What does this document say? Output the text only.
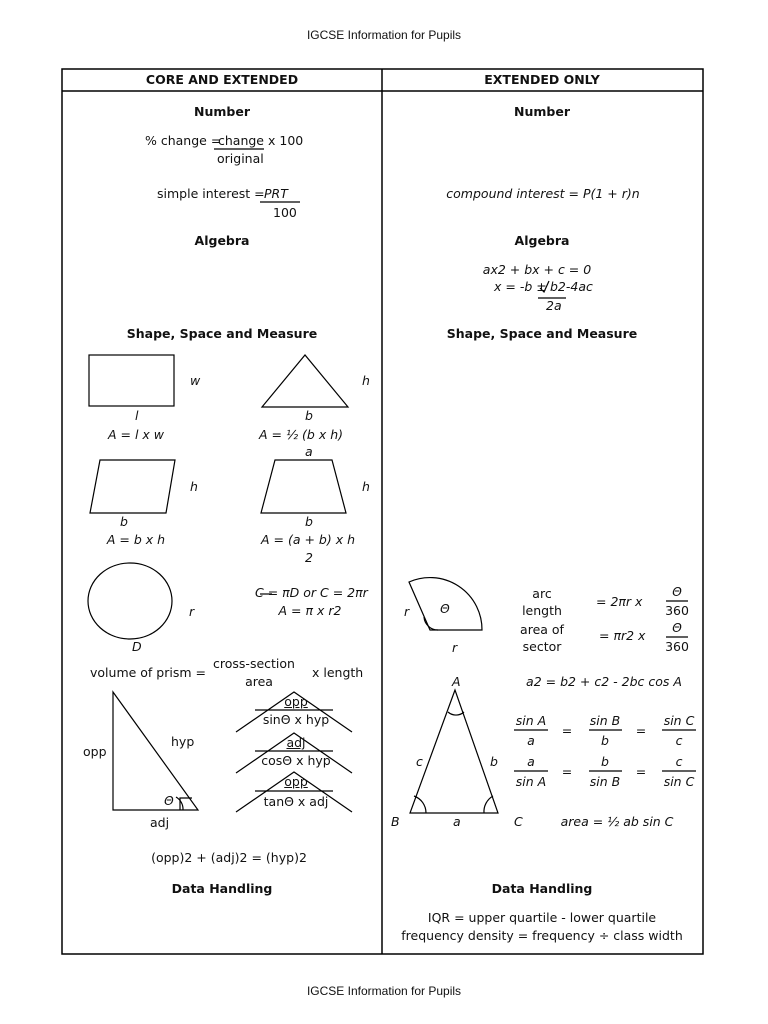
IGCSE Information for Pupils
IGCSE Information for Pupils
CORE AND EXTENDED	EXTENDED ONLY
Number
% change =
change x 100
original
simple interest = PRT
100
Algebra
Shape, Space and Measure
w
l
A = l x w
h
b
A = ½ (b x h)
h
b
A = b x h
a
h
b
A = (a + b) x h
2
r
D
C = πD or C = 2πr
A = π x r2
volume of prism =
cross-section
area
x length
opp
hyp
adj
Θ
opp
sinΘ x hyp
adj
cosΘ x hyp
opp
tanΘ x adj
(opp)2 + (adj)2 = (hyp)2
Data Handling
Number
compound interest = P(1 + r)n
Algebra
ax2 + bx + c = 0
x = -b ± b2-4ac
2a
Shape, Space and Measure
r
r
Θ
arc
length
= 2πr x
Θ
360
area of
sector
= πr2 x
Θ
360
A
B	C
a
b
c
a2 = b2 + c2 - 2bc cos A
sin A
a
=
sin B
b
=
sin C
c
a
sin A
=
b
sin B
=
c
sin C
area = ½ ab sin C
Data Handling
IQR = upper quartile - lower quartile
frequency density = frequency ÷ class width
